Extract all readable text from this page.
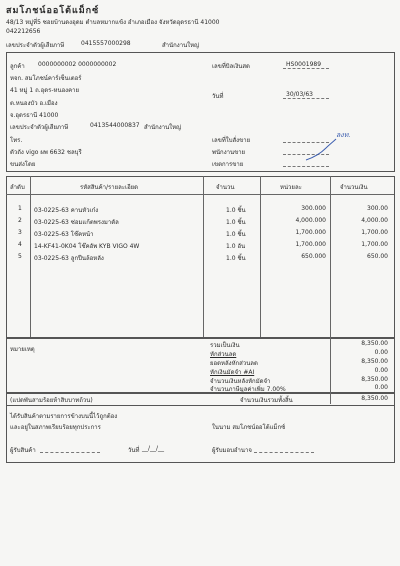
สมโภชน์ออโต้แม็กซ์
48/13 หมู่ที่5 ซอยบ้านดงอุดม ตำบลหมากแข้ง อำเภอเมือง จังหวัดอุดรธานี 41000
042212656
เลขประจำตัวผู้เสียภาษี	0415557000298	สำนักงานใหญ่
ลูกค้า 0000000002 0000000002
หจก. สมโภชน์คาร์เซ็นเตอร์
41 หมู่ 1 ถ.อุดร-หนองคาย
ต.หนองบัว อ.เมือง
จ.อุดรธานี 41000
เลขประจำตัวผู้เสียภาษี	0413544000837 สำนักงานใหญ่
โทร.
ตัวถัง vigo ผพ 6632 ชลบุรี
ขนส่งโดย
เลขที่บิลเงินสด	HS0001989
วันที่	30/03/63
เลขที่ใบสั่งขาย
พนักงานขาย
เขตการขาย
ลงท.
ลำดับ	รหัสสินค้า/รายละเอียด	จำนวน	หน่วยละ	จำนวนเงิน
1 03-0225-63 คานหัวเก๋ง	1.0 ชิ้น	300.000	300.00
2 03-0225-63 ซ่อมแก้ตพรงมาตัล	1.0 ชิ้น	4,000.000	4,000.00
3 03-0225-63 โช๊คหน้า	1.0 ชิ้น	1,700.000	1,700.00
4 14-KF41-0K04 โช๊คอัพ KYB VIGO 4W	1.0 อัน	1,700.000	1,700.00
5 03-0225-63 ลูกปืนล้อหลัง	1.0 ชิ้น	650.000	650.00
หมายเหตุ
รวมเป็นเงิน	8,350.00
หักส่วนลด	0.00
ยอดหลังหักส่วนลด	8,350.00
หักเงินมัดจำ #AI	0.00
จำนวนเงินหลังหักมัดจำ	8,350.00
จำนวนภาษีมูลค่าเพิ่ม 7.00%	0.00
(แปดพันสามร้อยห้าสิบบาทถ้วน)	จำนวนเงินรวมทั้งสิ้น	8,350.00
ได้รับสินค้าตามรายการข้างบนนี้ไว้ถูกต้อง
และอยู่ในสภาพเรียบร้อยทุกประการ	ในนาม สมโภชน์ออโต้แม็กซ์
ผู้รับสินค้า	วันที่ __/__/__	ผู้รับมอบอำนาจ
